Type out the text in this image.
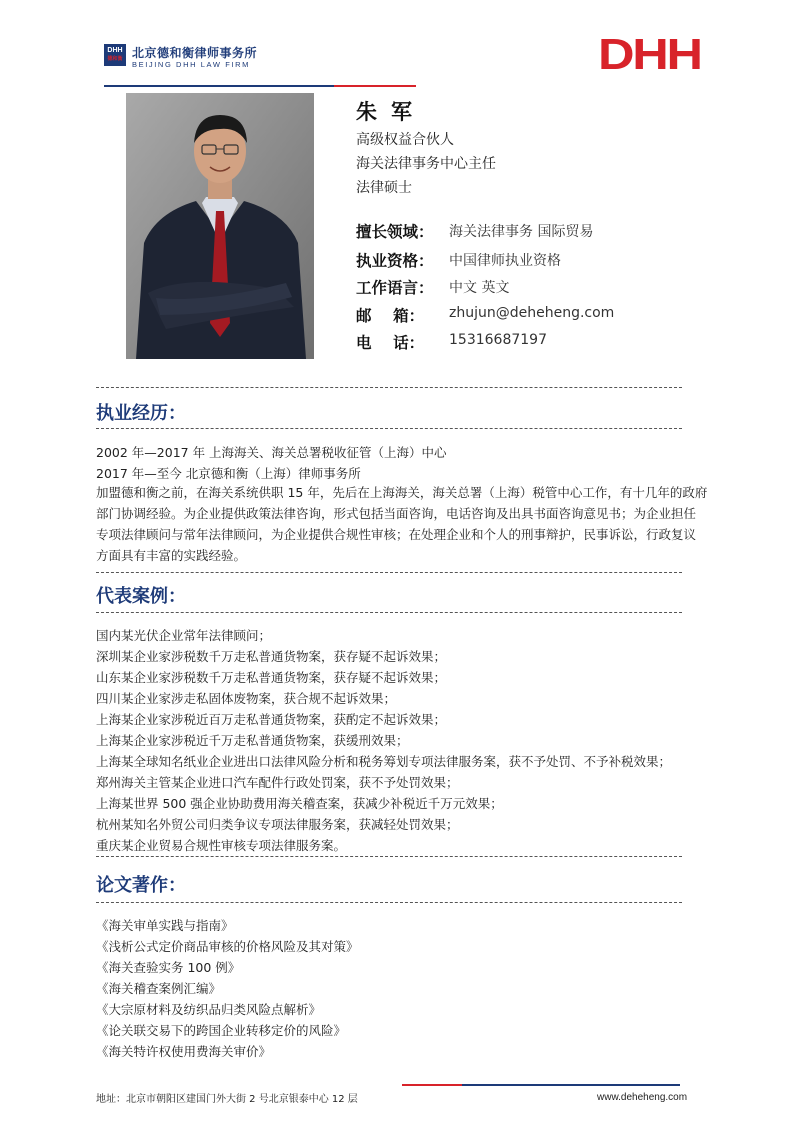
DHH
德和衡 北京德和衡律师事务所
BEIJING DHH LAW FIRM	DHH
朱军
高级权益合伙人
海关法律事务中心主任
法律硕士
擅长领域： 海关法律事务 国际贸易
执业资格： 中国律师执业资格
工作语言： 中文 英文
邮    箱： zhujun@deheheng.com
电    话： 15316687197
执业经历：
2002 年—2017 年 上海海关、海关总署税收征管（上海）中心
2017 年—至今 北京德和衡（上海）律师事务所
加盟德和衡之前，在海关系统供职 15 年，先后在上海海关，海关总署（上海）税管中心工作，有十几年的政府部门协调经验。为企业提供政策法律咨询，形式包括当面咨询，电话咨询及出具书面咨询意见书；为企业担任专项法律顾问与常年法律顾问，为企业提供合规性审核；在处理企业和个人的刑事辩护，民事诉讼，行政复议方面具有丰富的实践经验。
代表案例：
国内某光伏企业常年法律顾问；
深圳某企业家涉税数千万走私普通货物案，获存疑不起诉效果；
山东某企业家涉税数千万走私普通货物案，获存疑不起诉效果；
四川某企业家涉走私固体废物案，获合规不起诉效果；
上海某企业家涉税近百万走私普通货物案，获酌定不起诉效果；
上海某企业家涉税近千万走私普通货物案，获缓刑效果；
上海某全球知名纸业企业进出口法律风险分析和税务筹划专项法律服务案，获不予处罚、不予补税效果；
郑州海关主管某企业进口汽车配件行政处罚案，获不予处罚效果；
上海某世界 500 强企业协助费用海关稽查案，获减少补税近千万元效果；
杭州某知名外贸公司归类争议专项法律服务案，获减轻处罚效果；
重庆某企业贸易合规性审核专项法律服务案。
论文著作：
《海关审单实践与指南》
《浅析公式定价商品审核的价格风险及其对策》
《海关查验实务 100 例》
《海关稽查案例汇编》
《大宗原材料及纺织品归类风险点解析》
《论关联交易下的跨国企业转移定价的风险》
《海关特许权使用费海关审价》
地址：北京市朝阳区建国门外大街 2 号北京银泰中心 12 层	www.deheheng.com
